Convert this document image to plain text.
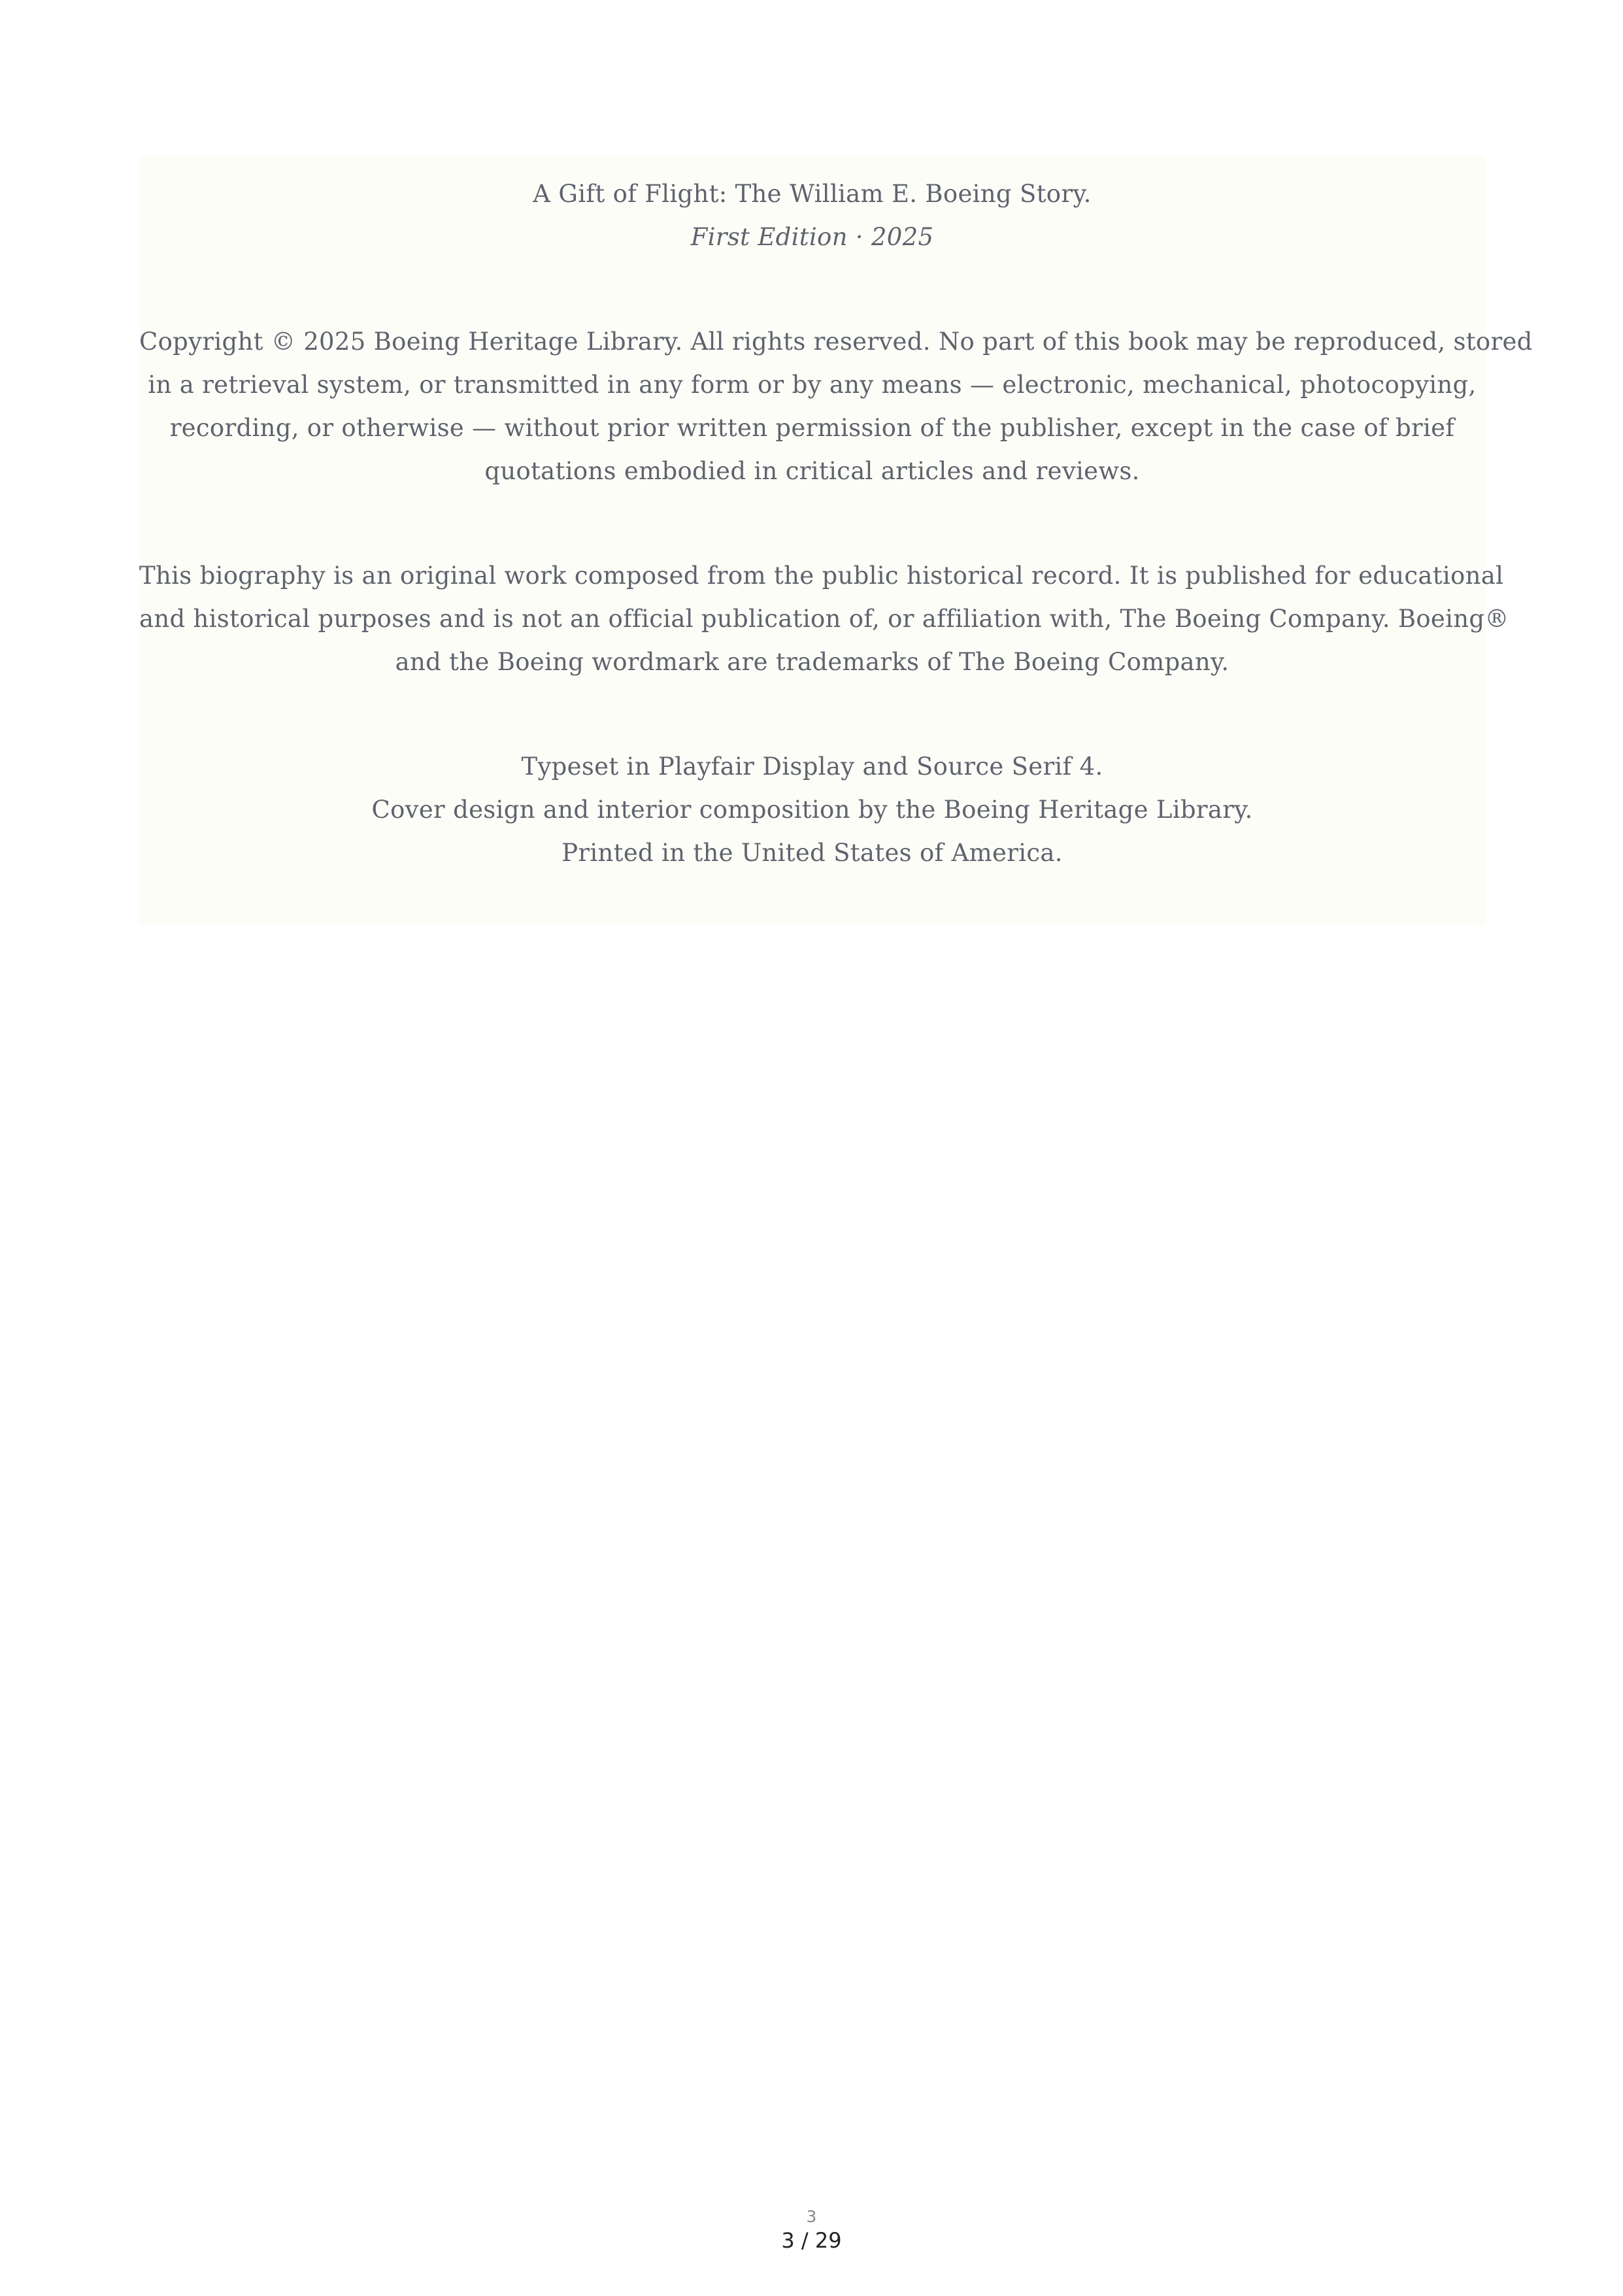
A Gift of Flight: The William E. Boeing Story.
First Edition · 2025
Copyright © 2025 Boeing Heritage Library. All rights reserved. No part of this book may be reproduced, stored
in a retrieval system, or transmitted in any form or by any means — electronic, mechanical, photocopying,
recording, or otherwise — without prior written permission of the publisher, except in the case of brief
quotations embodied in critical articles and reviews.
This biography is an original work composed from the public historical record. It is published for educational
and historical purposes and is not an official publication of, or affiliation with, The Boeing Company. Boeing®
and the Boeing wordmark are trademarks of The Boeing Company.
Typeset in Playfair Display and Source Serif 4.
Cover design and interior composition by the Boeing Heritage Library.
Printed in the United States of America.
3
3 / 29
